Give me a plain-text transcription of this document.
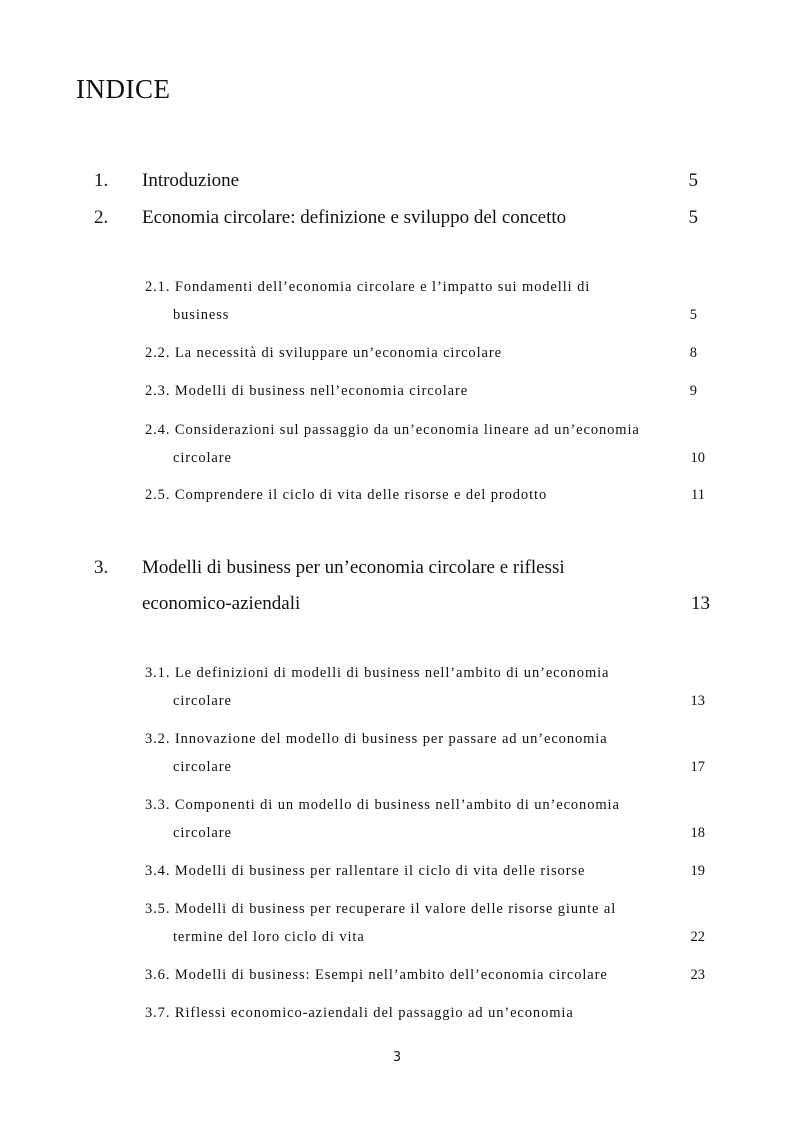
INDICE
1. Introduzione	5
2. Economia circolare: definizione e sviluppo del concetto	5
2.1. Fondamenti dell’economia circolare e l’impatto sui modelli di
business	5
2.2. La necessità di sviluppare un’economia circolare	8
2.3. Modelli di business nell’economia circolare	9
2.4. Considerazioni sul passaggio da un’economia lineare ad un’economia
circolare	10
2.5. Comprendere il ciclo di vita delle risorse e del prodotto	11
3. Modelli di business per un’economia circolare e riflessi
economico-aziendali	13
3.1. Le definizioni di modelli di business nell’ambito di un’economia
circolare	13
3.2. Innovazione del modello di business per passare ad un’economia
circolare	17
3.3. Componenti di un modello di business nell’ambito di un’economia
circolare	18
3.4. Modelli di business per rallentare il ciclo di vita delle risorse	19
3.5. Modelli di business per recuperare il valore delle risorse giunte al
termine del loro ciclo di vita	22
3.6. Modelli di business: Esempi nell’ambito dell’economia circolare	23
3.7. Riflessi economico-aziendali del passaggio ad un’economia
3
